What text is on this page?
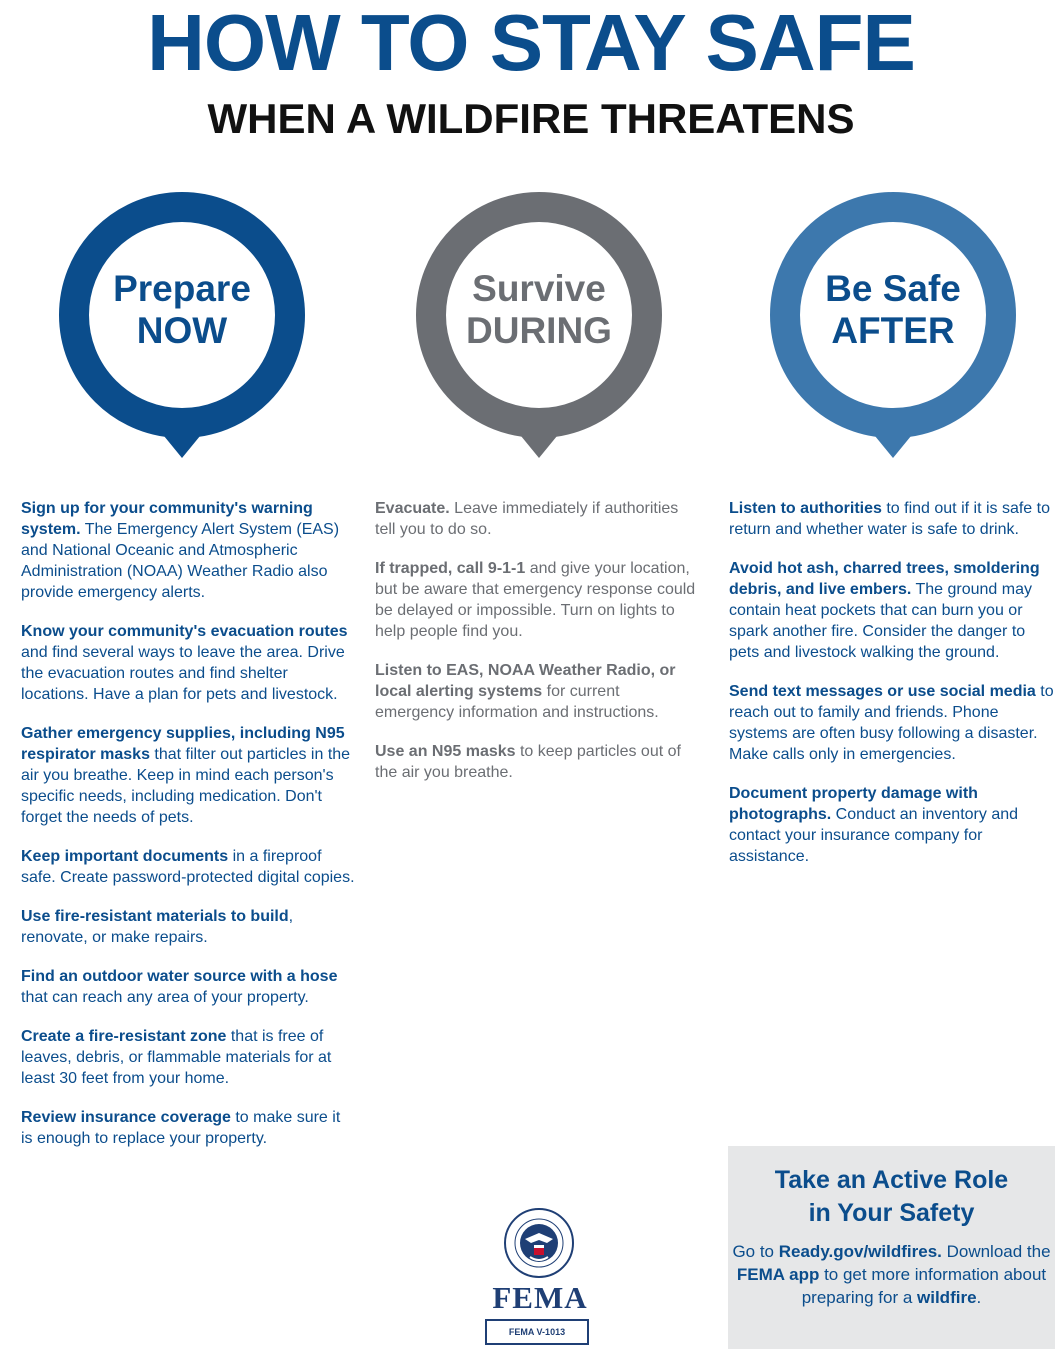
HOW TO STAY SAFE
WHEN A WILDFIRE THREATENS
Prepare
NOW
Survive
DURING
Be Safe
AFTER

Sign up for your community's warning system. The Emergency Alert System (EAS) and National Oceanic and Atmospheric Administration (NOAA) Weather Radio also provide emergency alerts.

Know your community's evacuation routes and find several ways to leave the area. Drive the evacuation routes and find shelter locations. Have a plan for pets and livestock.

Gather emergency supplies, including N95 respirator masks that filter out particles in the air you breathe. Keep in mind each person's specific needs, including medication. Don't forget the needs of pets.

Keep important documents in a fireproof safe. Create password-protected digital copies.

Use fire-resistant materials to build, renovate, or make repairs.

Find an outdoor water source with a hose that can reach any area of your property.

Create a fire-resistant zone that is free of leaves, debris, or flammable materials for at least 30 feet from your home.

Review insurance coverage to make sure it is enough to replace your property.

Evacuate. Leave immediately if authorities tell you to do so.

If trapped, call 9-1-1 and give your location, but be aware that emergency response could be delayed or impossible. Turn on lights to help people find you.

Listen to EAS, NOAA Weather Radio, or local alerting systems for current emergency information and instructions.

Use an N95 masks to keep particles out of the air you breathe.

Listen to authorities to find out if it is safe to return and whether water is safe to drink.

Avoid hot ash, charred trees, smoldering debris, and live embers. The ground may contain heat pockets that can burn you or spark another fire. Consider the danger to pets and livestock walking the ground.

Send text messages or use social media to reach out to family and friends. Phone systems are often busy following a disaster. Make calls only in emergencies.

Document property damage with photographs. Conduct an inventory and contact your insurance company for assistance.

Take an Active Role
in Your Safety

Go to Ready.gov/wildfires. Download the FEMA app to get more information about preparing for a wildfire.

FEMA
FEMA V-1013
